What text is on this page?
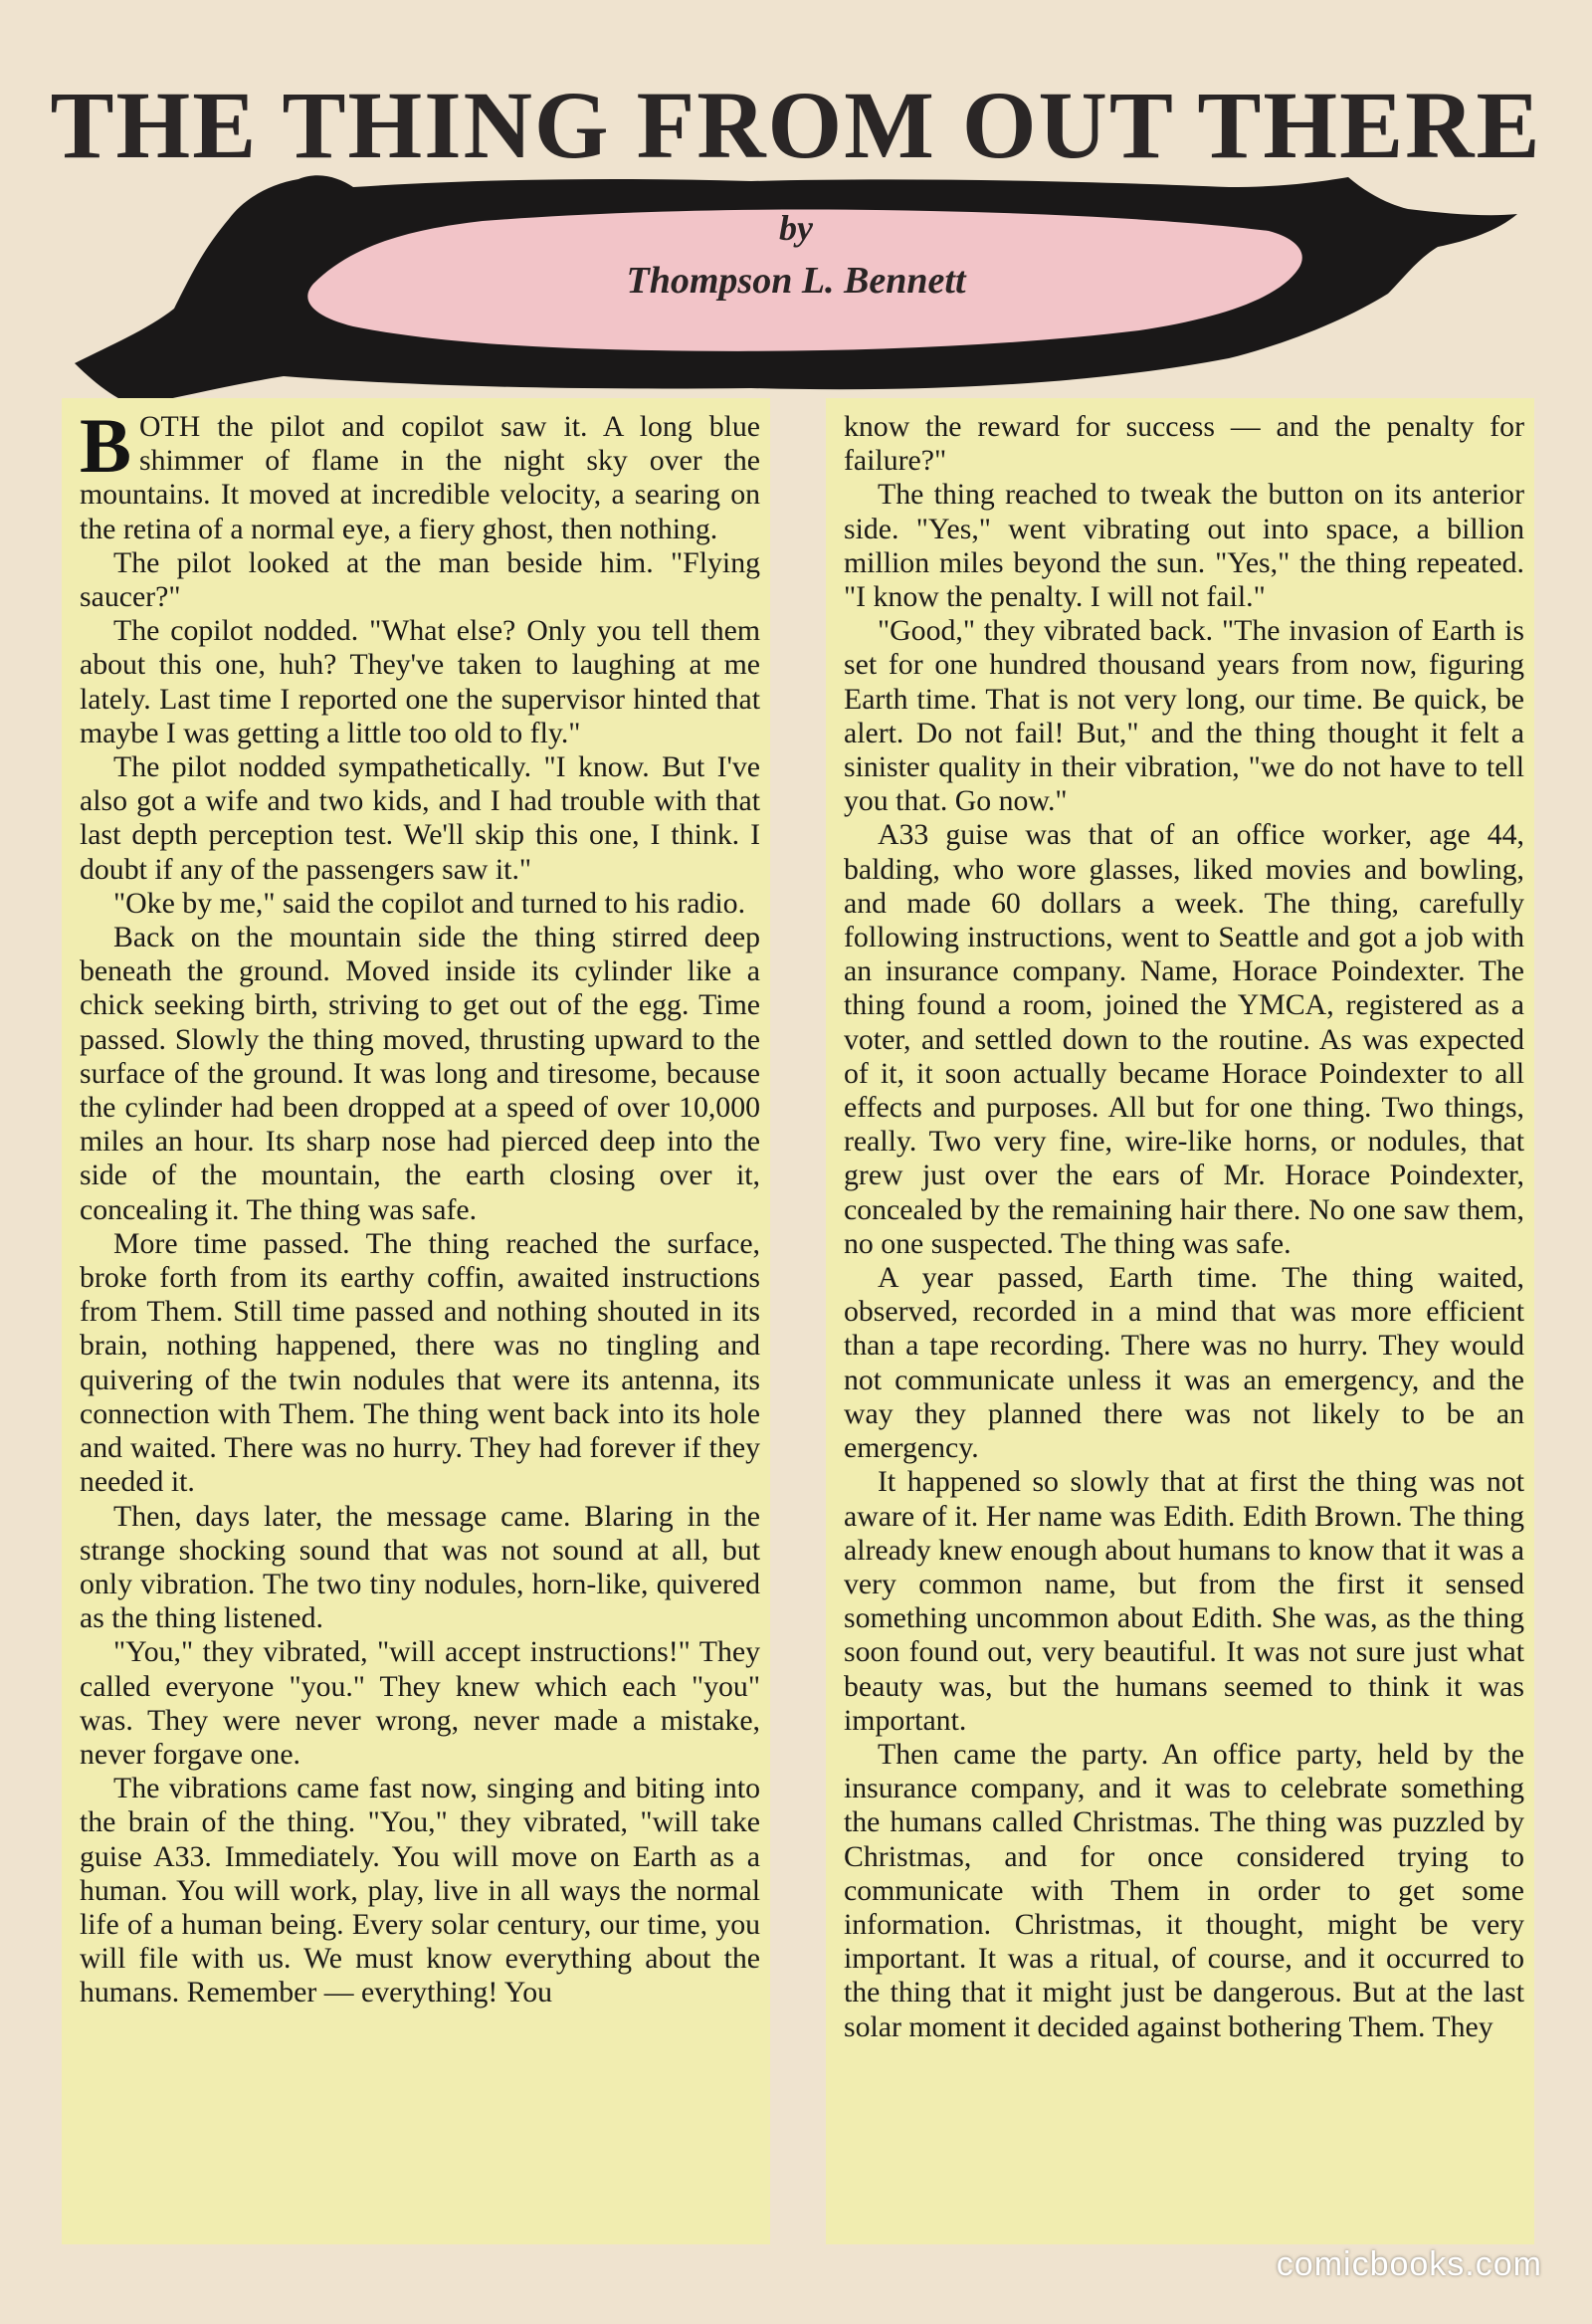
THE THING FROM OUT THERE
by
Thompson L. Bennett

BOTH the pilot and copilot saw it. A long blue shimmer of flame in the night sky over the mountains. It moved at incredible velocity, a searing on the retina of a normal eye, a fiery ghost, then nothing.

The pilot looked at the man beside him. "Flying saucer?"

The copilot nodded. "What else? Only you tell them about this one, huh? They've taken to laughing at me lately. Last time I reported one the supervisor hinted that maybe I was getting a little too old to fly."

The pilot nodded sympathetically. "I know. But I've also got a wife and two kids, and I had trouble with that last depth perception test. We'll skip this one, I think. I doubt if any of the passengers saw it."

"Oke by me," said the copilot and turned to his radio.

Back on the mountain side the thing stirred deep beneath the ground. Moved inside its cylinder like a chick seeking birth, striving to get out of the egg. Time passed. Slowly the thing moved, thrusting upward to the surface of the ground. It was long and tiresome, because the cylinder had been dropped at a speed of over 10,000 miles an hour. Its sharp nose had pierced deep into the side of the mountain, the earth closing over it, concealing it. The thing was safe.

More time passed. The thing reached the surface, broke forth from its earthy coffin, awaited instructions from Them. Still time passed and nothing shouted in its brain, nothing happened, there was no tingling and quivering of the twin nodules that were its antenna, its connection with Them. The thing went back into its hole and waited. There was no hurry. They had forever if they needed it.

Then, days later, the message came. Blaring in the strange shocking sound that was not sound at all, but only vibration. The two tiny nodules, horn-like, quivered as the thing listened.

"You," they vibrated, "will accept instructions!" They called everyone "you." They knew which each "you" was. They were never wrong, never made a mistake, never forgave one.

The vibrations came fast now, singing and biting into the brain of the thing. "You," they vibrated, "will take guise A33. Immediately. You will move on Earth as a human. You will work, play, live in all ways the normal life of a human being. Every solar century, our time, you will file with us. We must know everything about the humans. Remember — everything! You

know the reward for success — and the penalty for failure?"

The thing reached to tweak the button on its anterior side. "Yes," went vibrating out into space, a billion million miles beyond the sun. "Yes," the thing repeated. "I know the penalty. I will not fail."

"Good," they vibrated back. "The invasion of Earth is set for one hundred thousand years from now, figuring Earth time. That is not very long, our time. Be quick, be alert. Do not fail! But," and the thing thought it felt a sinister quality in their vibration, "we do not have to tell you that. Go now."

A33 guise was that of an office worker, age 44, balding, who wore glasses, liked movies and bowling, and made 60 dollars a week. The thing, carefully following instructions, went to Seattle and got a job with an insurance company. Name, Horace Poindexter. The thing found a room, joined the YMCA, registered as a voter, and settled down to the routine. As was expected of it, it soon actually became Horace Poindexter to all effects and purposes. All but for one thing. Two things, really. Two very fine, wire-like horns, or nodules, that grew just over the ears of Mr. Horace Poindexter, concealed by the remaining hair there. No one saw them, no one suspected. The thing was safe.

A year passed, Earth time. The thing waited, observed, recorded in a mind that was more efficient than a tape recording. There was no hurry. They would not communicate unless it was an emergency, and the way they planned there was not likely to be an emergency.

It happened so slowly that at first the thing was not aware of it. Her name was Edith. Edith Brown. The thing already knew enough about humans to know that it was a very common name, but from the first it sensed something uncommon about Edith. She was, as the thing soon found out, very beautiful. It was not sure just what beauty was, but the humans seemed to think it was important.

Then came the party. An office party, held by the insurance company, and it was to celebrate something the humans called Christmas. The thing was puzzled by Christmas, and for once considered trying to communicate with Them in order to get some information. Christmas, it thought, might be very important. It was a ritual, of course, and it occurred to the thing that it might just be dangerous. But at the last solar moment it decided against bothering Them. They

comicbooks.com
